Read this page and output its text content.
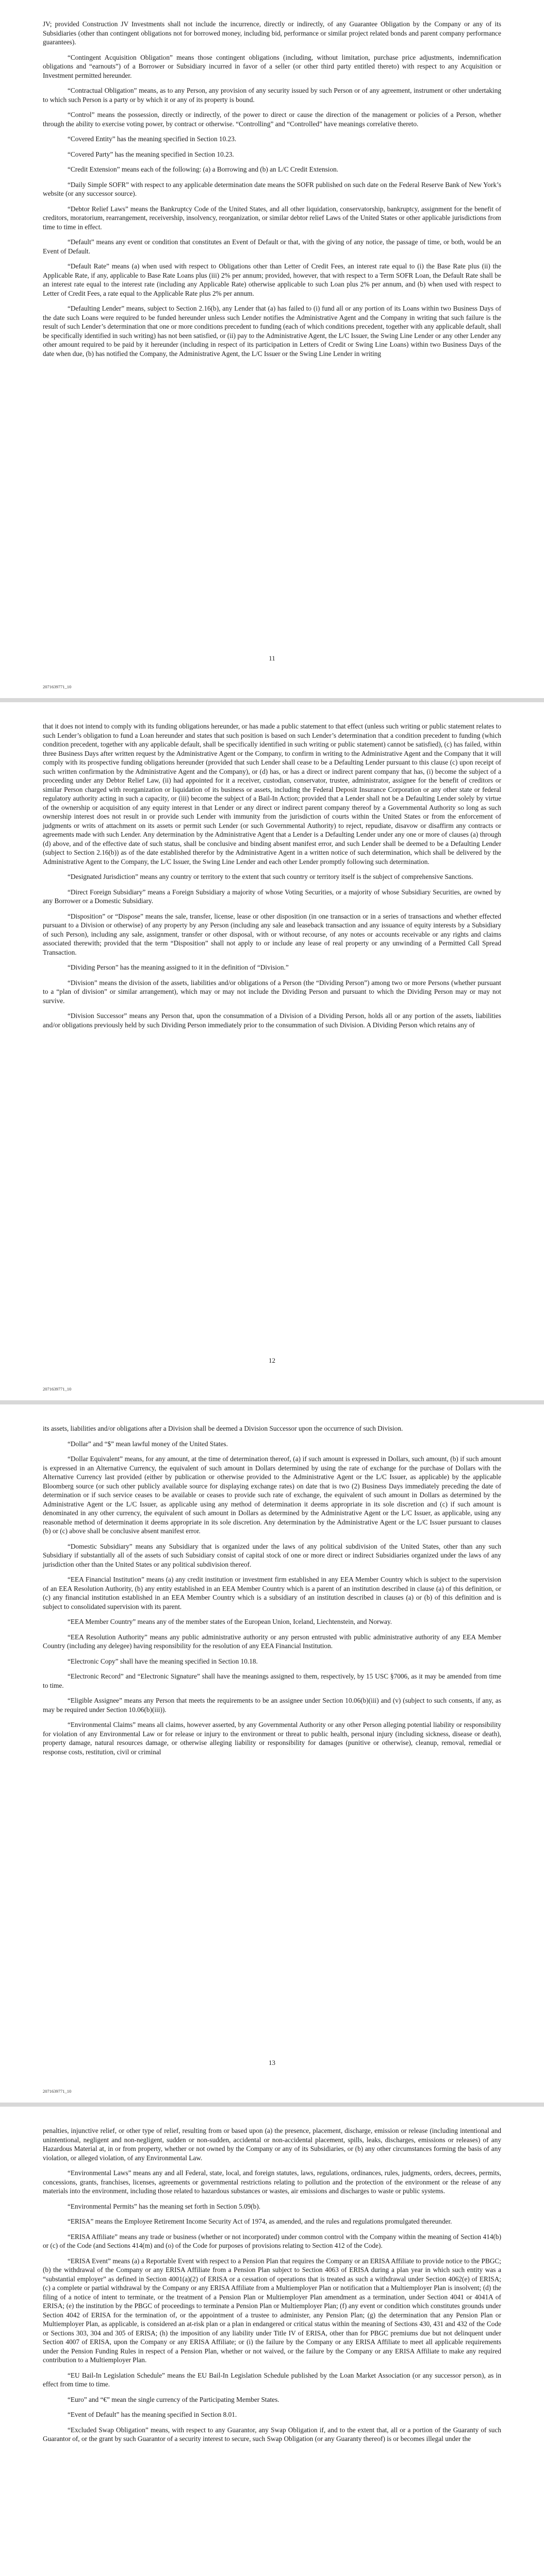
JV; provided Construction JV Investments shall not include the incurrence, directly or indirectly, of any Guarantee Obligation by the Company or any of its Subsidiaries (other than contingent obligations not for borrowed money, including bid, performance or similar project related bonds and parent company performance guarantees).

“Contingent Acquisition Obligation” means those contingent obligations (including, without limitation, purchase price adjustments, indemnification obligations and “earnouts”) of a Borrower or Subsidiary incurred in favor of a seller (or other third party entitled thereto) with respect to any Acquisition or Investment permitted hereunder.

“Contractual Obligation” means, as to any Person, any provision of any security issued by such Person or of any agreement, instrument or other undertaking to which such Person is a party or by which it or any of its property is bound.

“Control” means the possession, directly or indirectly, of the power to direct or cause the direction of the management or policies of a Person, whether through the ability to exercise voting power, by contract or otherwise. “Controlling” and “Controlled” have meanings correlative thereto.

“Covered Entity” has the meaning specified in Section 10.23.

“Covered Party” has the meaning specified in Section 10.23.

“Credit Extension” means each of the following: (a) a Borrowing and (b) an L/C Credit Extension.

“Daily Simple SOFR” with respect to any applicable determination date means the SOFR published on such date on the Federal Reserve Bank of New York’s website (or any successor source).

“Debtor Relief Laws” means the Bankruptcy Code of the United States, and all other liquidation, conservatorship, bankruptcy, assignment for the benefit of creditors, moratorium, rearrangement, receivership, insolvency, reorganization, or similar debtor relief Laws of the United States or other applicable jurisdictions from time to time in effect.

“Default” means any event or condition that constitutes an Event of Default or that, with the giving of any notice, the passage of time, or both, would be an Event of Default.

“Default Rate” means (a) when used with respect to Obligations other than Letter of Credit Fees, an interest rate equal to (i) the Base Rate plus (ii) the Applicable Rate, if any, applicable to Base Rate Loans plus (iii) 2% per annum; provided, however, that with respect to a Term SOFR Loan, the Default Rate shall be an interest rate equal to the interest rate (including any Applicable Rate) otherwise applicable to such Loan plus 2% per annum, and (b) when used with respect to Letter of Credit Fees, a rate equal to the Applicable Rate plus 2% per annum.

“Defaulting Lender” means, subject to Section 2.16(b), any Lender that (a) has failed to (i) fund all or any portion of its Loans within two Business Days of the date such Loans were required to be funded hereunder unless such Lender notifies the Administrative Agent and the Company in writing that such failure is the result of such Lender’s determination that one or more conditions precedent to funding (each of which conditions precedent, together with any applicable default, shall be specifically identified in such writing) has not been satisfied, or (ii) pay to the Administrative Agent, the L/C Issuer, the Swing Line Lender or any other Lender any other amount required to be paid by it hereunder (including in respect of its participation in Letters of Credit or Swing Line Loans) within two Business Days of the date when due, (b) has notified the Company, the Administrative Agent, the L/C Issuer or the Swing Line Lender in writing

11
2071639771_10

that it does not intend to comply with its funding obligations hereunder, or has made a public statement to that effect (unless such writing or public statement relates to such Lender’s obligation to fund a Loan hereunder and states that such position is based on such Lender’s determination that a condition precedent to funding (which condition precedent, together with any applicable default, shall be specifically identified in such writing or public statement) cannot be satisfied), (c) has failed, within three Business Days after written request by the Administrative Agent or the Company, to confirm in writing to the Administrative Agent and the Company that it will comply with its prospective funding obligations hereunder (provided that such Lender shall cease to be a Defaulting Lender pursuant to this clause (c) upon receipt of such written confirmation by the Administrative Agent and the Company), or (d) has, or has a direct or indirect parent company that has, (i) become the subject of a proceeding under any Debtor Relief Law, (ii) had appointed for it a receiver, custodian, conservator, trustee, administrator, assignee for the benefit of creditors or similar Person charged with reorganization or liquidation of its business or assets, including the Federal Deposit Insurance Corporation or any other state or federal regulatory authority acting in such a capacity, or (iii) become the subject of a Bail-In Action; provided that a Lender shall not be a Defaulting Lender solely by virtue of the ownership or acquisition of any equity interest in that Lender or any direct or indirect parent company thereof by a Governmental Authority so long as such ownership interest does not result in or provide such Lender with immunity from the jurisdiction of courts within the United States or from the enforcement of judgments or writs of attachment on its assets or permit such Lender (or such Governmental Authority) to reject, repudiate, disavow or disaffirm any contracts or agreements made with such Lender. Any determination by the Administrative Agent that a Lender is a Defaulting Lender under any one or more of clauses (a) through (d) above, and of the effective date of such status, shall be conclusive and binding absent manifest error, and such Lender shall be deemed to be a Defaulting Lender (subject to Section 2.16(b)) as of the date established therefor by the Administrative Agent in a written notice of such determination, which shall be delivered by the Administrative Agent to the Company, the L/C Issuer, the Swing Line Lender and each other Lender promptly following such determination.

“Designated Jurisdiction” means any country or territory to the extent that such country or territory itself is the subject of comprehensive Sanctions.

“Direct Foreign Subsidiary” means a Foreign Subsidiary a majority of whose Voting Securities, or a majority of whose Subsidiary Securities, are owned by any Borrower or a Domestic Subsidiary.

“Disposition” or “Dispose” means the sale, transfer, license, lease or other disposition (in one transaction or in a series of transactions and whether effected pursuant to a Division or otherwise) of any property by any Person (including any sale and leaseback transaction and any issuance of equity interests by a Subsidiary of such Person), including any sale, assignment, transfer or other disposal, with or without recourse, of any notes or accounts receivable or any rights and claims associated therewith; provided that the term “Disposition” shall not apply to or include any lease of real property or any unwinding of a Permitted Call Spread Transaction.

“Dividing Person” has the meaning assigned to it in the definition of “Division.”

“Division” means the division of the assets, liabilities and/or obligations of a Person (the “Dividing Person”) among two or more Persons (whether pursuant to a “plan of division” or similar arrangement), which may or may not include the Dividing Person and pursuant to which the Dividing Person may or may not survive.

“Division Successor” means any Person that, upon the consummation of a Division of a Dividing Person, holds all or any portion of the assets, liabilities and/or obligations previously held by such Dividing Person immediately prior to the consummation of such Division. A Dividing Person which retains any of

12
2071639771_10

its assets, liabilities and/or obligations after a Division shall be deemed a Division Successor upon the occurrence of such Division.

“Dollar” and “$” mean lawful money of the United States.

“Dollar Equivalent” means, for any amount, at the time of determination thereof, (a) if such amount is expressed in Dollars, such amount, (b) if such amount is expressed in an Alternative Currency, the equivalent of such amount in Dollars determined by using the rate of exchange for the purchase of Dollars with the Alternative Currency last provided (either by publication or otherwise provided to the Administrative Agent or the L/C Issuer, as applicable) by the applicable Bloomberg source (or such other publicly available source for displaying exchange rates) on date that is two (2) Business Days immediately preceding the date of determination or if such service ceases to be available or ceases to provide such rate of exchange, the equivalent of such amount in Dollars as determined by the Administrative Agent or the L/C Issuer, as applicable using any method of determination it deems appropriate in its sole discretion and (c) if such amount is denominated in any other currency, the equivalent of such amount in Dollars as determined by the Administrative Agent or the L/C Issuer, as applicable, using any reasonable method of determination it deems appropriate in its sole discretion. Any determination by the Administrative Agent or the L/C Issuer pursuant to clauses (b) or (c) above shall be conclusive absent manifest error.

“Domestic Subsidiary” means any Subsidiary that is organized under the laws of any political subdivision of the United States, other than any such Subsidiary if substantially all of the assets of such Subsidiary consist of capital stock of one or more direct or indirect Subsidiaries organized under the laws of any jurisdiction other than the United States or any political subdivision thereof.

“EEA Financial Institution” means (a) any credit institution or investment firm established in any EEA Member Country which is subject to the supervision of an EEA Resolution Authority, (b) any entity established in an EEA Member Country which is a parent of an institution described in clause (a) of this definition, or (c) any financial institution established in an EEA Member Country which is a subsidiary of an institution described in clauses (a) or (b) of this definition and is subject to consolidated supervision with its parent.

“EEA Member Country” means any of the member states of the European Union, Iceland, Liechtenstein, and Norway.

“EEA Resolution Authority” means any public administrative authority or any person entrusted with public administrative authority of any EEA Member Country (including any delegee) having responsibility for the resolution of any EEA Financial Institution.

“Electronic Copy” shall have the meaning specified in Section 10.18.

“Electronic Record” and “Electronic Signature” shall have the meanings assigned to them, respectively, by 15 USC §7006, as it may be amended from time to time.

“Eligible Assignee” means any Person that meets the requirements to be an assignee under Section 10.06(b)(iii) and (v) (subject to such consents, if any, as may be required under Section 10.06(b)(iii)).

“Environmental Claims” means all claims, however asserted, by any Governmental Authority or any other Person alleging potential liability or responsibility for violation of any Environmental Law or for release or injury to the environment or threat to public health, personal injury (including sickness, disease or death), property damage, natural resources damage, or otherwise alleging liability or responsibility for damages (punitive or otherwise), cleanup, removal, remedial or response costs, restitution, civil or criminal

13
2071639771_10

penalties, injunctive relief, or other type of relief, resulting from or based upon (a) the presence, placement, discharge, emission or release (including intentional and unintentional, negligent and non-negligent, sudden or non-sudden, accidental or non-accidental placement, spills, leaks, discharges, emissions or releases) of any Hazardous Material at, in or from property, whether or not owned by the Company or any of its Subsidiaries, or (b) any other circumstances forming the basis of any violation, or alleged violation, of any Environmental Law.

“Environmental Laws” means any and all Federal, state, local, and foreign statutes, laws, regulations, ordinances, rules, judgments, orders, decrees, permits, concessions, grants, franchises, licenses, agreements or governmental restrictions relating to pollution and the protection of the environment or the release of any materials into the environment, including those related to hazardous substances or wastes, air emissions and discharges to waste or public systems.

“Environmental Permits” has the meaning set forth in Section 5.09(b).

“ERISA” means the Employee Retirement Income Security Act of 1974, as amended, and the rules and regulations promulgated thereunder.

“ERISA Affiliate” means any trade or business (whether or not incorporated) under common control with the Company within the meaning of Section 414(b) or (c) of the Code (and Sections 414(m) and (o) of the Code for purposes of provisions relating to Section 412 of the Code).

“ERISA Event” means (a) a Reportable Event with respect to a Pension Plan that requires the Company or an ERISA Affiliate to provide notice to the PBGC; (b) the withdrawal of the Company or any ERISA Affiliate from a Pension Plan subject to Section 4063 of ERISA during a plan year in which such entity was a “substantial employer” as defined in Section 4001(a)(2) of ERISA or a cessation of operations that is treated as such a withdrawal under Section 4062(e) of ERISA; (c) a complete or partial withdrawal by the Company or any ERISA Affiliate from a Multiemployer Plan or notification that a Multiemployer Plan is insolvent; (d) the filing of a notice of intent to terminate, or the treatment of a Pension Plan or Multiemployer Plan amendment as a termination, under Section 4041 or 4041A of ERISA; (e) the institution by the PBGC of proceedings to terminate a Pension Plan or Multiemployer Plan; (f) any event or condition which constitutes grounds under Section 4042 of ERISA for the termination of, or the appointment of a trustee to administer, any Pension Plan; (g) the determination that any Pension Plan or Multiemployer Plan, as applicable, is considered an at-risk plan or a plan in endangered or critical status within the meaning of Sections 430, 431 and 432 of the Code or Sections 303, 304 and 305 of ERISA; (h) the imposition of any liability under Title IV of ERISA, other than for PBGC premiums due but not delinquent under Section 4007 of ERISA, upon the Company or any ERISA Affiliate; or (i) the failure by the Company or any ERISA Affiliate to meet all applicable requirements under the Pension Funding Rules in respect of a Pension Plan, whether or not waived, or the failure by the Company or any ERISA Affiliate to make any required contribution to a Multiemployer Plan.

“EU Bail-In Legislation Schedule” means the EU Bail-In Legislation Schedule published by the Loan Market Association (or any successor person), as in effect from time to time.

“Euro” and “€” mean the single currency of the Participating Member States.

“Event of Default” has the meaning specified in Section 8.01.

“Excluded Swap Obligation” means, with respect to any Guarantor, any Swap Obligation if, and to the extent that, all or a portion of the Guaranty of such Guarantor of, or the grant by such Guarantor of a security interest to secure, such Swap Obligation (or any Guaranty thereof) is or becomes illegal under the
